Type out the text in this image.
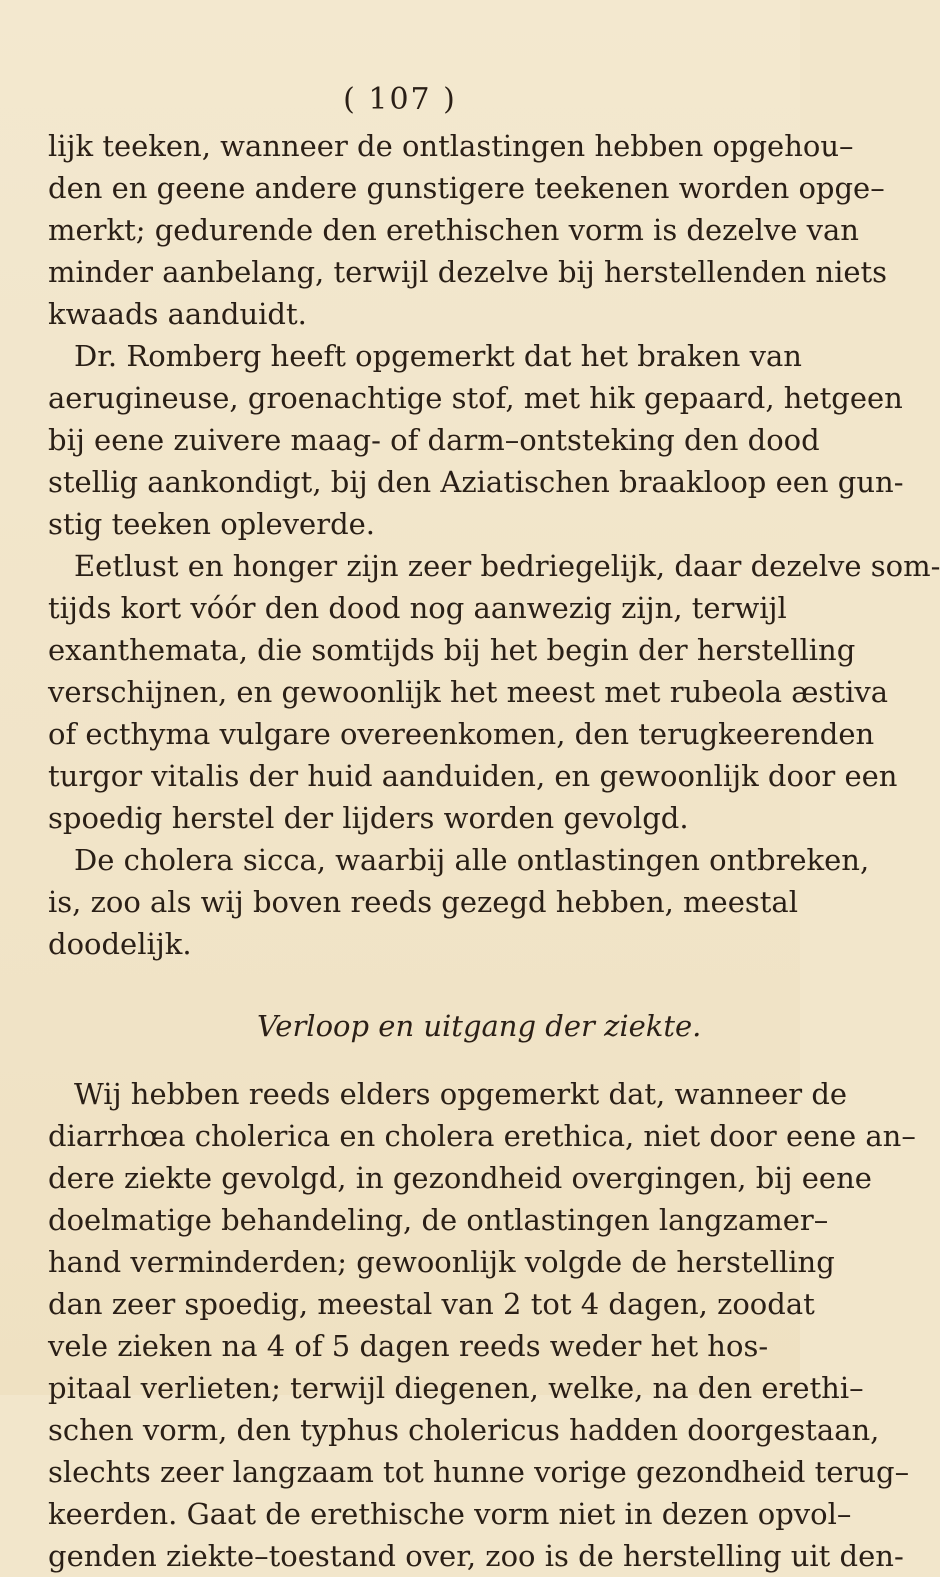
( 107 )
lijk teeken, wanneer de ontlastingen hebben opgehou–
den en geene andere gunstigere teekenen worden opge–
merkt; gedurende den erethischen vorm is dezelve van
minder aanbelang, terwijl dezelve bij herstellenden niets
kwaads aanduidt.
Dr. Romberg heeft opgemerkt dat het braken van
aerugineuse, groenachtige stof, met hik gepaard, hetgeen
bij eene zuivere maag- of darm–ontsteking den dood
stellig aankondigt, bij den Aziatischen braakloop een gun-
stig teeken opleverde.
Eetlust en honger zijn zeer bedriegelijk, daar dezelve som-
tijds kort vóór den dood nog aanwezig zijn, terwijl
exanthemata, die somtijds bij het begin der herstelling
verschijnen, en gewoonlijk het meest met rubeola æstiva
of ecthyma vulgare overeenkomen, den terugkeerenden
turgor vitalis der huid aanduiden, en gewoonlijk door een
spoedig herstel der lijders worden gevolgd.
De cholera sicca, waarbij alle ontlastingen ontbreken,
is, zoo als wij boven reeds gezegd hebben, meestal
doodelijk.
Verloop en uitgang der ziekte.
Wij hebben reeds elders opgemerkt dat, wanneer de
diarrhœa cholerica en cholera erethica, niet door eene an–
dere ziekte gevolgd, in gezondheid overgingen, bij eene
doelmatige behandeling, de ontlastingen langzamer–
hand verminderden; gewoonlijk volgde de herstelling
dan zeer spoedig, meestal van 2 tot 4 dagen, zoodat
vele zieken na 4 of 5 dagen reeds weder het hos-
pitaal verlieten; terwijl diegenen, welke, na den erethi–
schen vorm, den typhus cholericus hadden doorgestaan,
slechts zeer langzaam tot hunne vorige gezondheid terug–
keerden. Gaat de erethische vorm niet in dezen opvol–
genden ziekte–toestand over, zoo is de herstelling uit den-
